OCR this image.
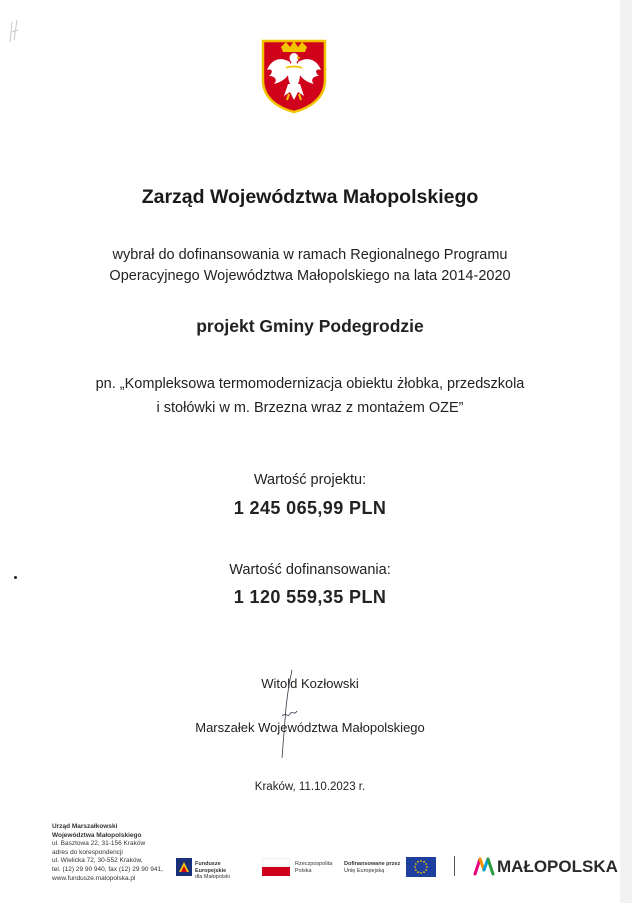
Zarząd Województwa Małopolskiego
wybrał do dofinansowania w ramach Regionalnego Programu
Operacyjnego Województwa Małopolskiego na lata 2014-2020
projekt Gminy Podegrodzie
pn. „Kompleksowa termomodernizacja obiektu żłobka, przedszkola
i stołówki w m. Brzezna wraz z montażem OZE”
Wartość projektu:
1 245 065,99 PLN
Wartość dofinansowania:
1 120 559,35 PLN
Witold Kozłowski
Marszałek Województwa Małopolskiego
Kraków, 11.10.2023 r.
Urząd Marszałkowski
Województwa Małopolskiego
ul. Basztowa 22, 31-156 Kraków
adres do korespondencji
ul. Wielicka 72, 30-552 Kraków,
tel. (12) 29 90 940, fax (12) 29 90 941,
www.fundusze.malopolska.pl
Fundusze Europejskie
dla Małopolski
Rzeczpospolita
Polska
Dofinansowane przez
Unię Europejską	MAŁOPOLSKA
